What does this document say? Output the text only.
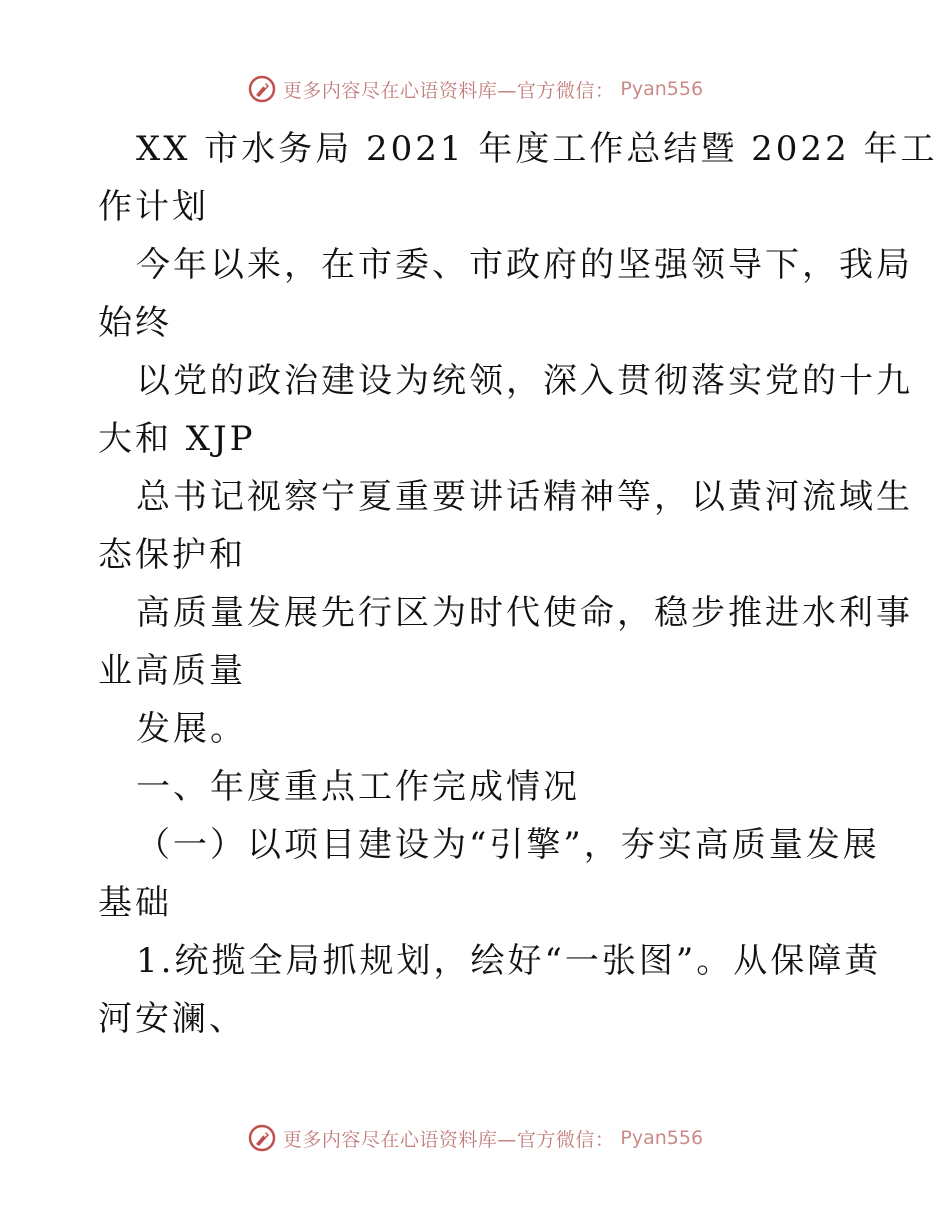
更多内容尽在心语资料库—官方微信： Pyan556
XX 市水务局 2021 年度工作总结暨 2022 年工
作计划
今年以来，在市委、市政府的坚强领导下，我局
始终
以党的政治建设为统领，深入贯彻落实党的十九
大和 XJP
总书记视察宁夏重要讲话精神等，以黄河流域生
态保护和
高质量发展先行区为时代使命，稳步推进水利事
业高质量
发展。
一、年度重点工作完成情况
（一）以项目建设为“引擎”，夯实高质量发展
基础
1.统揽全局抓规划，绘好“一张图”。从保障黄
河安澜、
更多内容尽在心语资料库—官方微信： Pyan556
